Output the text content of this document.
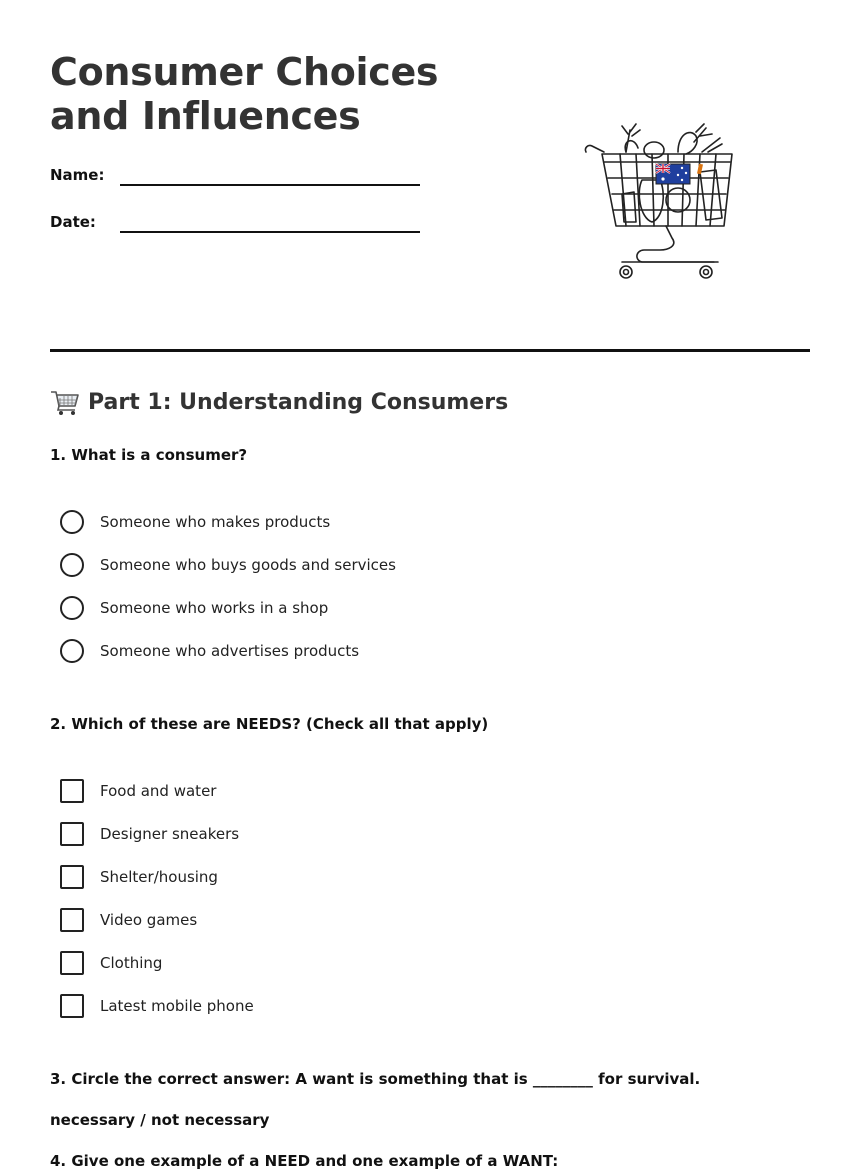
Consumer Choices and Influences
Name:
Date:
Part 1: Understanding Consumers
1. What is a consumer?
Someone who makes products
Someone who buys goods and services
Someone who works in a shop
Someone who advertises products
2. Which of these are NEEDS? (Check all that apply)
Food and water
Designer sneakers
Shelter/housing
Video games
Clothing
Latest mobile phone
3. Circle the correct answer: A want is something that is ________ for survival.
necessary / not necessary
4. Give one example of a NEED and one example of a WANT:
